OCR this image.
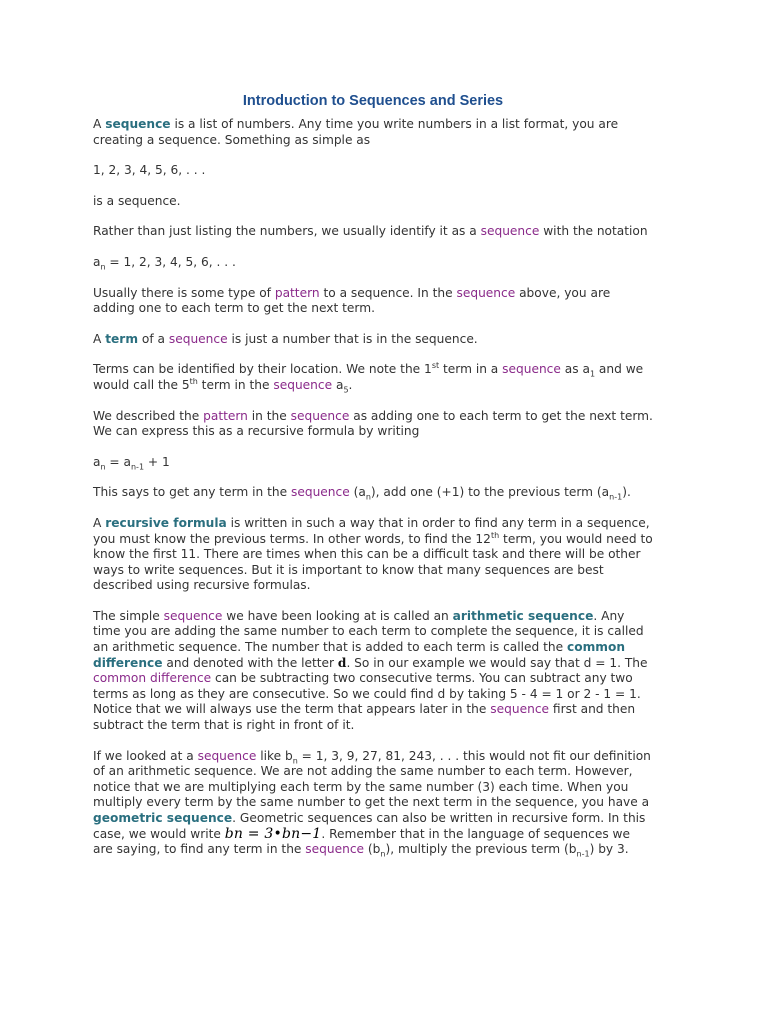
Introduction to Sequences and Series

A sequence is a list of numbers. Any time you write numbers in a list format, you are creating a sequence. Something as simple as

1, 2, 3, 4, 5, 6, . . .

is a sequence.

Rather than just listing the numbers, we usually identify it as a sequence with the notation

$a_n = 1$, 2, 3, 4, 5, 6, . . .

Usually there is some type of pattern to a sequence. In the sequence above, you are adding one to each term to get the next term.

A term of a sequence is just a number that is in the sequence.

Terms can be identified by their location. We note the 1st term in a sequence as $a_1$ and we would call the 5th term in the sequence $a_5$.

We described the pattern in the sequence as adding one to each term to get the next term. We can express this as a recursive formula by writing

$a_n = a_{n-1} + 1$

This says to get any term in the sequence $(a_n)$, add one (+1) to the previous term $(a_{n-1})$.

A recursive formula is written in such a way that in order to find any term in a sequence, you must know the previous terms. In other words, to find the 12th term, you would need to know the first 11. There are times when this can be a difficult task and there will be other ways to write sequences. But it is important to know that many sequences are best described using recursive formulas.

The simple sequence we have been looking at is called an arithmetic sequence. Any time you are adding the same number to each term to complete the sequence, it is called an arithmetic sequence. The number that is added to each term is called the common difference and denoted with the letter d. So in our example we would say that d = 1. The common difference can be subtracting two consecutive terms. You can subtract any two terms as long as they are consecutive. So we could find d by taking 5 - 4 = 1 or 2 - 1 = 1. Notice that we will always use the term that appears later in the sequence first and then subtract the term that is right in front of it.

If we looked at a sequence like $b_n = 1$, 3, 9, 27, 81, 243, . . . this would not fit our definition of an arithmetic sequence. We are not adding the same number to each term. However, notice that we are multiplying each term by the same number (3) each time. When you multiply every term by the same number to get the next term in the sequence, you have a geometric sequence. Geometric sequences can also be written in recursive form. In this case, we would write bn = 3•bn−1. Remember that in the language of sequences we are saying, to find any term in the sequence $(b_n)$, multiply the previous term $(b_{n-1})$ by 3.
